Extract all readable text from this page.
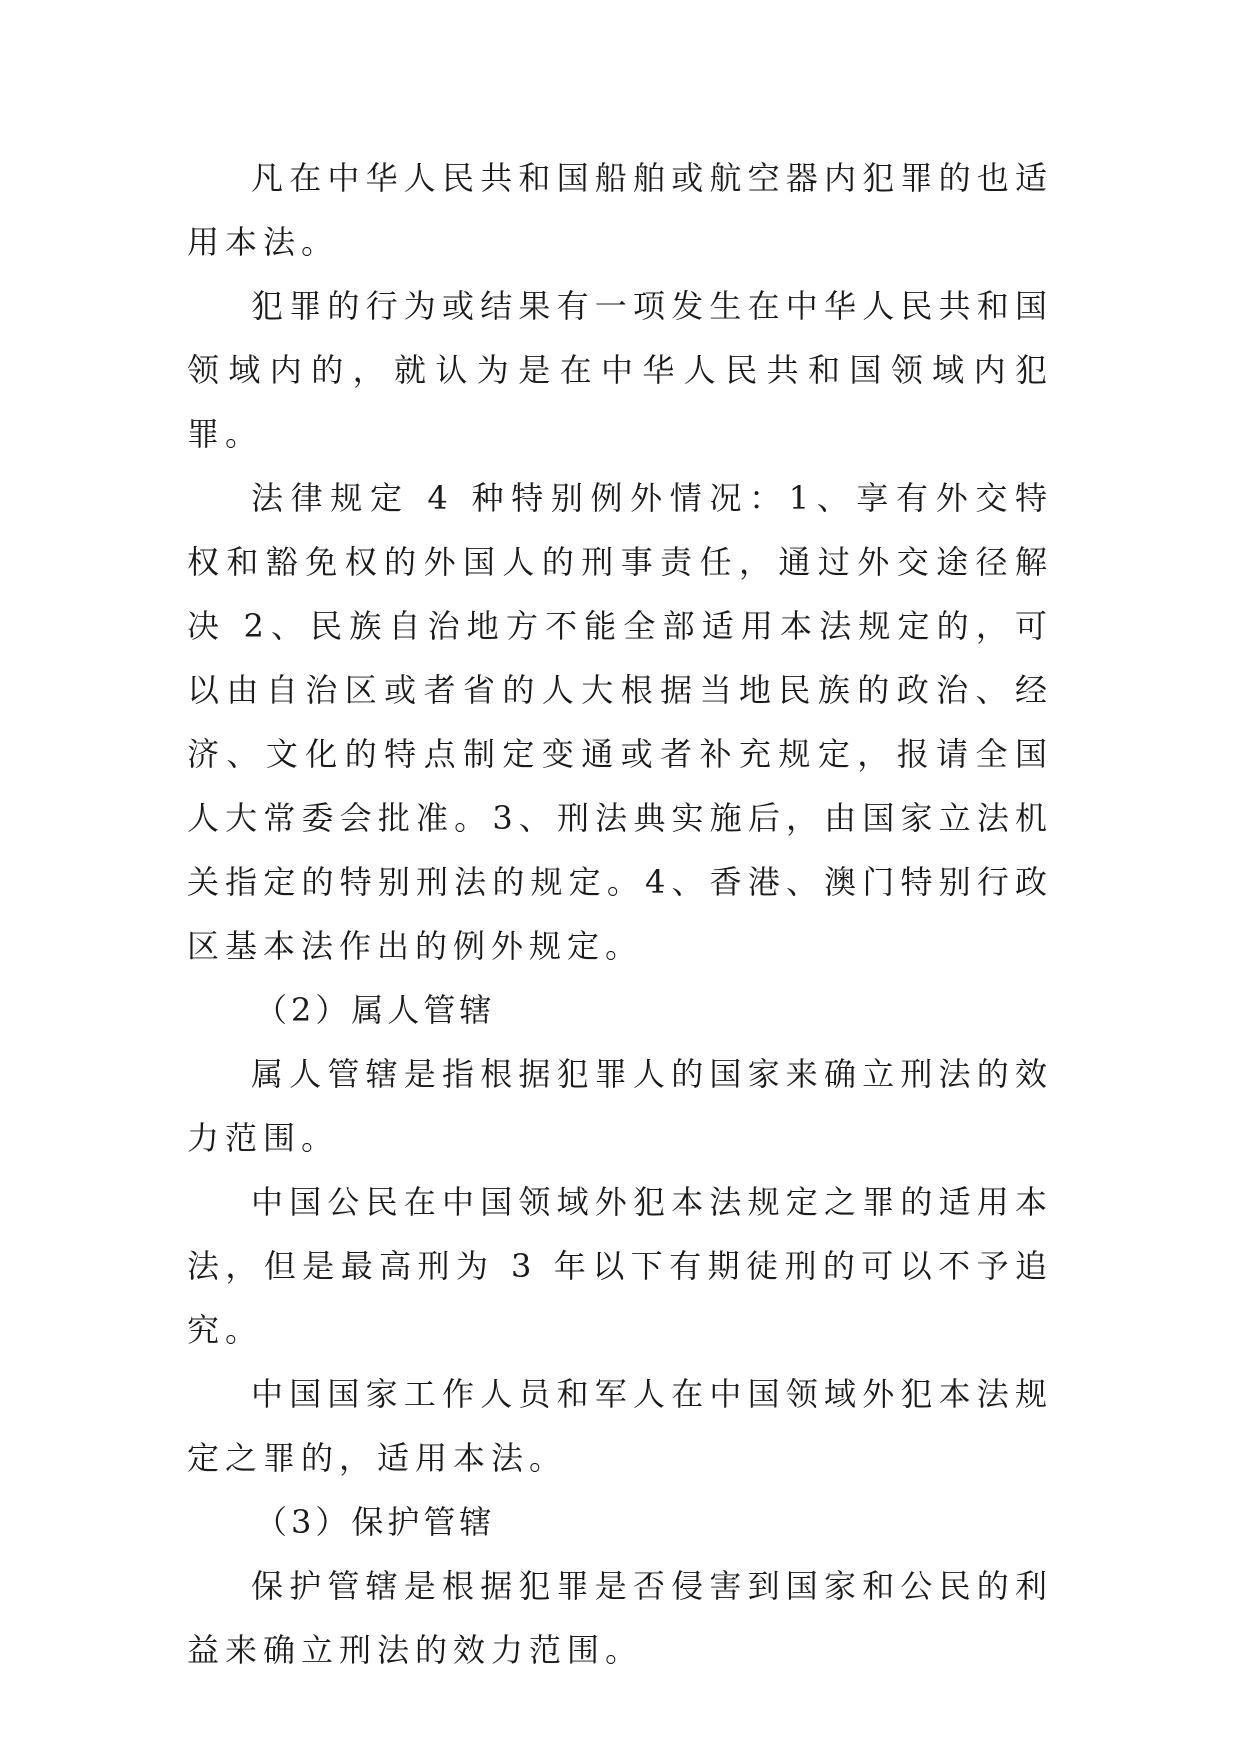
凡在中华人民共和国船舶或航空器内犯罪的也适用本法。

犯罪的行为或结果有一项发生在中华人民共和国领域内的，就认为是在中华人民共和国领域内犯罪。

法律规定 4 种特别例外情况：1、享有外交特权和豁免权的外国人的刑事责任，通过外交途径解决 2、民族自治地方不能全部适用本法规定的，可以由自治区或者省的人大根据当地民族的政治、经济、文化的特点制定变通或者补充规定，报请全国人大常委会批准。3、刑法典实施后，由国家立法机关指定的特别刑法的规定。4、香港、澳门特别行政区基本法作出的例外规定。

（2）属人管辖

属人管辖是指根据犯罪人的国家来确立刑法的效力范围。

中国公民在中国领域外犯本法规定之罪的适用本法，但是最高刑为 3 年以下有期徒刑的可以不予追究。

中国国家工作人员和军人在中国领域外犯本法规定之罪的，适用本法。

（3）保护管辖

保护管辖是根据犯罪是否侵害到国家和公民的利益来确立刑法的效力范围。
